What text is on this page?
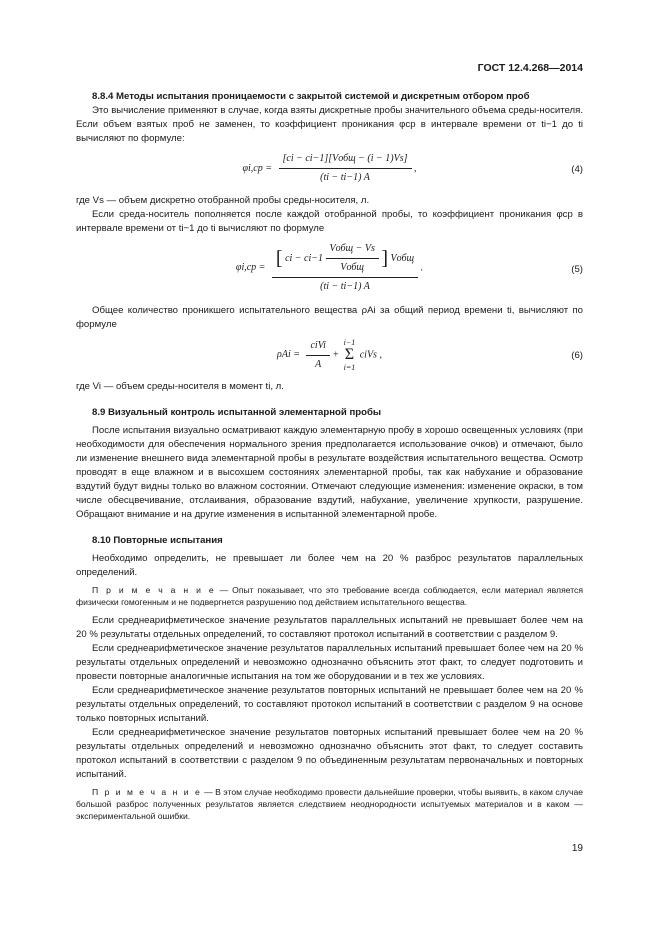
ГОСТ 12.4.268—2014

8.8.4 Методы испытания проницаемости с закрытой системой и дискретным отбором проб

Это вычисление применяют в случае, когда взяты дискретные пробы значительного объема среды-носителя. Если объем взятых проб не заменен, то коэффициент проникания φср в интервале времени от ti−1 до ti вычисляют по формуле:

$\varphi i,ср = \frac{\text{[ci − ci−1][Vобщ − (i − 1)Vs]}}{(ti - ti-1) A}$ ,	(4)

где Vs — объем дискретно отобранной пробы среды-носителя, л.

Если среда-носитель пополняется после каждой отобранной пробы, то коэффициент проникания φср в интервале времени от ti−1 до ti вычисляют по формуле

φi,ср = [ ci − $ci-1 \frac{\text{Vобщ − Vs}}{\text{Vобщ}}$ ] Vобщ
(ti − ti−1) A
.	(5)

Общее количество проникшего испытательного вещества ρAi за общий период времени ti, вычисляют по формуле

$\rho Ai = \frac{\text{ciVi}}{A}$ +
i−1
Σ
i=1
ciVs ,	(6)

где Vi — объем среды-носителя в момент ti, л.

8.9 Визуальный контроль испытанной элементарной пробы

После испытания визуально осматривают каждую элементарную пробу в хорошо освещенных условиях (при необходимости для обеспечения нормального зрения предполагается использование очков) и отмечают, было ли изменение внешнего вида элементарной пробы в результате воздействия испытательного вещества. Осмотр проводят в еще влажном и в высохшем состояниях элементарной пробы, так как набухание и образование вздутий будут видны только во влажном состоянии. Отмечают следующие изменения: изменение окраски, в том числе обесцвечивание, отслаивания, образование вздутий, набухание, увеличение хрупкости, разрушение. Обращают внимание и на другие изменения в испытанной элементарной пробе.

8.10 Повторные испытания

Необходимо определить, не превышает ли более чем на 20 % разброс результатов параллельных определений.

П р и м е ч а н и е — Опыт показывает, что это требование всегда соблюдается, если материал является физически гомогенным и не подвергнется разрушению под действием испытательного вещества.

Если среднеарифметическое значение результатов параллельных испытаний не превышает более чем на 20 % результаты отдельных определений, то составляют протокол испытаний в соответствии с разделом 9.

Если среднеарифметическое значение результатов параллельных испытаний превышает более чем на 20 % результаты отдельных определений и невозможно однозначно объяснить этот факт, то следует подготовить и провести повторные аналогичные испытания на том же оборудовании и в тех же условиях.

Если среднеарифметическое значение результатов повторных испытаний не превышает более чем на 20 % результаты отдельных определений, то составляют протокол испытаний в соответствии с разделом 9 на основе только повторных испытаний.

Если среднеарифметическое значение результатов повторных испытаний превышает более чем на 20 % результаты отдельных определений и невозможно однозначно объяснить этот факт, то следует составить протокол испытаний в соответствии с разделом 9 по объединенным результатам первоначальных и повторных испытаний.

П р и м е ч а н и е — В этом случае необходимо провести дальнейшие проверки, чтобы выявить, в каком случае большой разброс полученных результатов является следствием неоднородности испытуемых материалов и в каком — экспериментальной ошибки.

19
